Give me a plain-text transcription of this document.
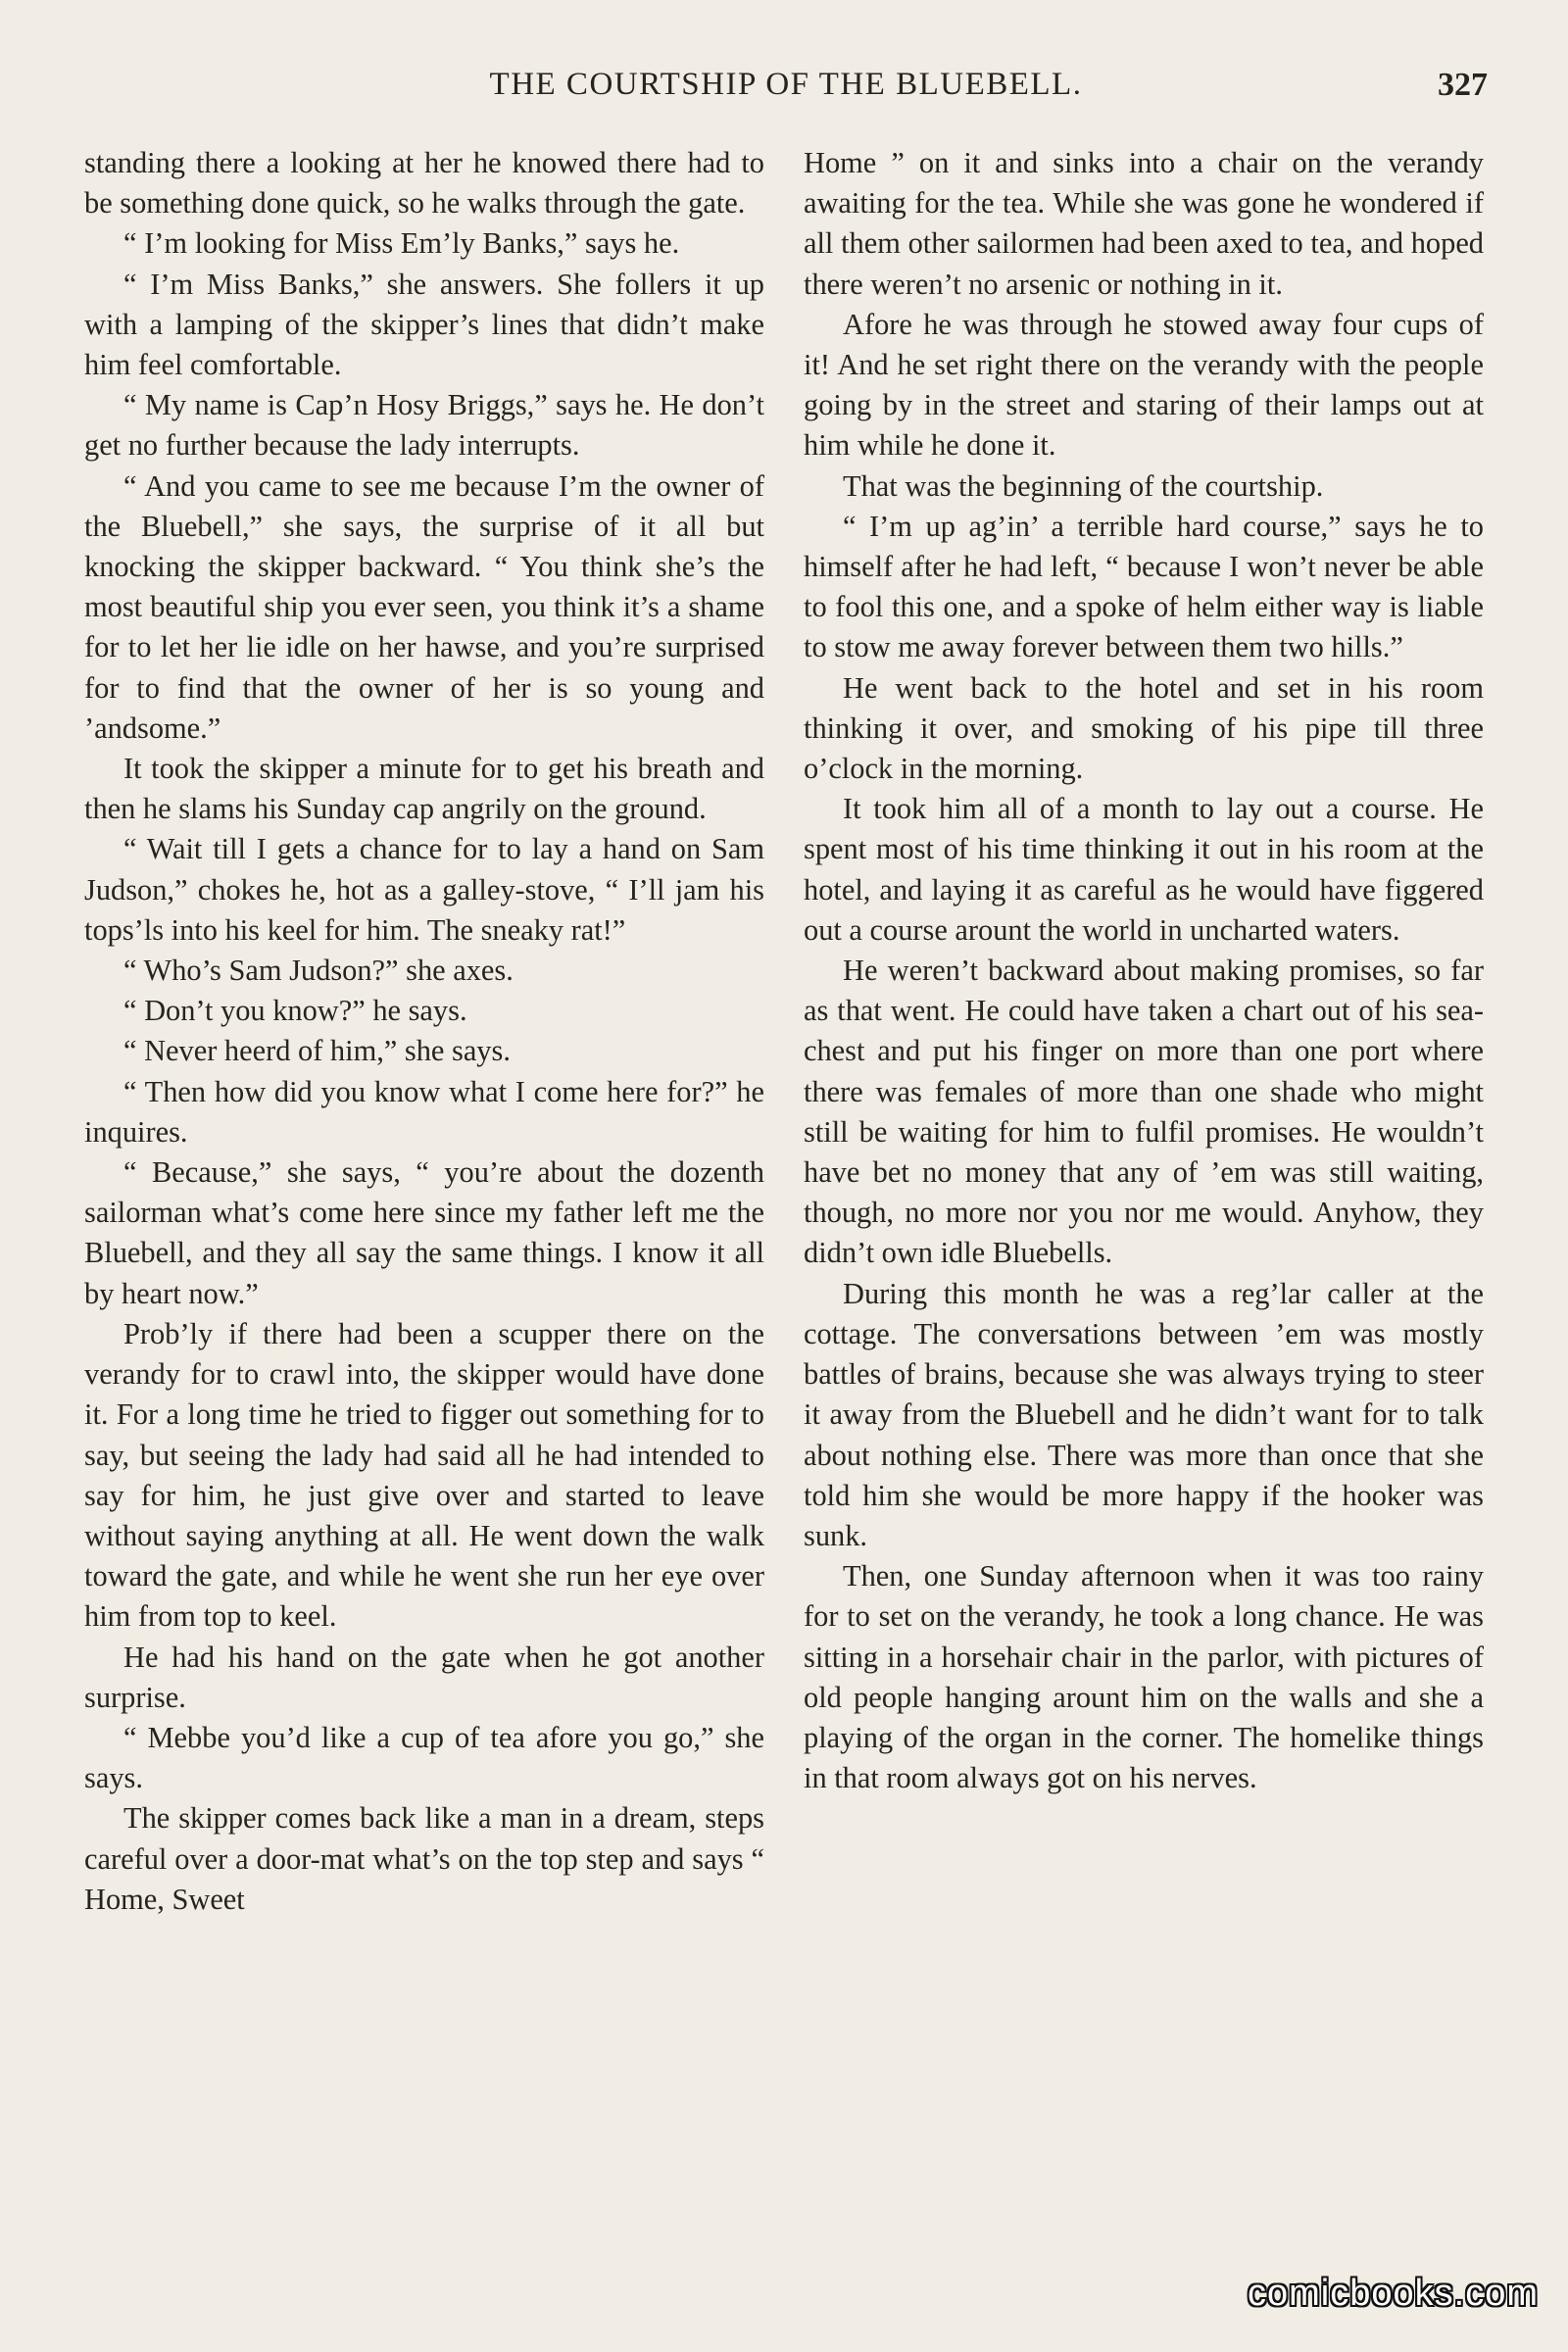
THE COURTSHIP OF THE BLUEBELL.	327

standing there a looking at her he knowed there had to be something done quick, so he walks through the gate.

“ I’m looking for Miss Em’ly Banks,” says he.

“ I’m Miss Banks,” she answers. She follers it up with a lamping of the skipper’s lines that didn’t make him feel comfortable.

“ My name is Cap’n Hosy Briggs,” says he. He don’t get no further because the lady interrupts.

“ And you came to see me because I’m the owner of the Bluebell,” she says, the surprise of it all but knocking the skipper backward. “ You think she’s the most beautiful ship you ever seen, you think it’s a shame for to let her lie idle on her hawse, and you’re surprised for to find that the owner of her is so young and ’andsome.”

It took the skipper a minute for to get his breath and then he slams his Sunday cap angrily on the ground.

“ Wait till I gets a chance for to lay a hand on Sam Judson,” chokes he, hot as a galley-stove, “ I’ll jam his tops’ls into his keel for him. The sneaky rat!”

“ Who’s Sam Judson?” she axes.

“ Don’t you know?” he says.

“ Never heerd of him,” she says.

“ Then how did you know what I come here for?” he inquires.

“ Because,” she says, “ you’re about the dozenth sailorman what’s come here since my father left me the Bluebell, and they all say the same things. I know it all by heart now.”

Prob’ly if there had been a scupper there on the verandy for to crawl into, the skipper would have done it. For a long time he tried to figger out something for to say, but seeing the lady had said all he had intended to say for him, he just give over and started to leave without saying anything at all. He went down the walk toward the gate, and while he went she run her eye over him from top to keel.

He had his hand on the gate when he got another surprise.

“ Mebbe you’d like a cup of tea afore you go,” she says.

The skipper comes back like a man in a dream, steps careful over a door-mat what’s on the top step and says “ Home, Sweet

Home ” on it and sinks into a chair on the verandy awaiting for the tea. While she was gone he wondered if all them other sailormen had been axed to tea, and hoped there weren’t no arsenic or nothing in it.

Afore he was through he stowed away four cups of it! And he set right there on the verandy with the people going by in the street and staring of their lamps out at him while he done it.

That was the beginning of the courtship.

“ I’m up ag’in’ a terrible hard course,” says he to himself after he had left, “ because I won’t never be able to fool this one, and a spoke of helm either way is liable to stow me away forever between them two hills.”

He went back to the hotel and set in his room thinking it over, and smoking of his pipe till three o’clock in the morning.

It took him all of a month to lay out a course. He spent most of his time thinking it out in his room at the hotel, and laying it as careful as he would have figgered out a course arount the world in uncharted waters.

He weren’t backward about making promises, so far as that went. He could have taken a chart out of his sea-chest and put his finger on more than one port where there was females of more than one shade who might still be waiting for him to fulfil promises. He wouldn’t have bet no money that any of ’em was still waiting, though, no more nor you nor me would. Anyhow, they didn’t own idle Bluebells.

During this month he was a reg’lar caller at the cottage. The conversations between ’em was mostly battles of brains, because she was always trying to steer it away from the Bluebell and he didn’t want for to talk about nothing else. There was more than once that she told him she would be more happy if the hooker was sunk.

Then, one Sunday afternoon when it was too rainy for to set on the verandy, he took a long chance. He was sitting in a horsehair chair in the parlor, with pictures of old people hanging arount him on the walls and she a playing of the organ in the corner. The homelike things in that room always got on his nerves.

comicbooks.com
